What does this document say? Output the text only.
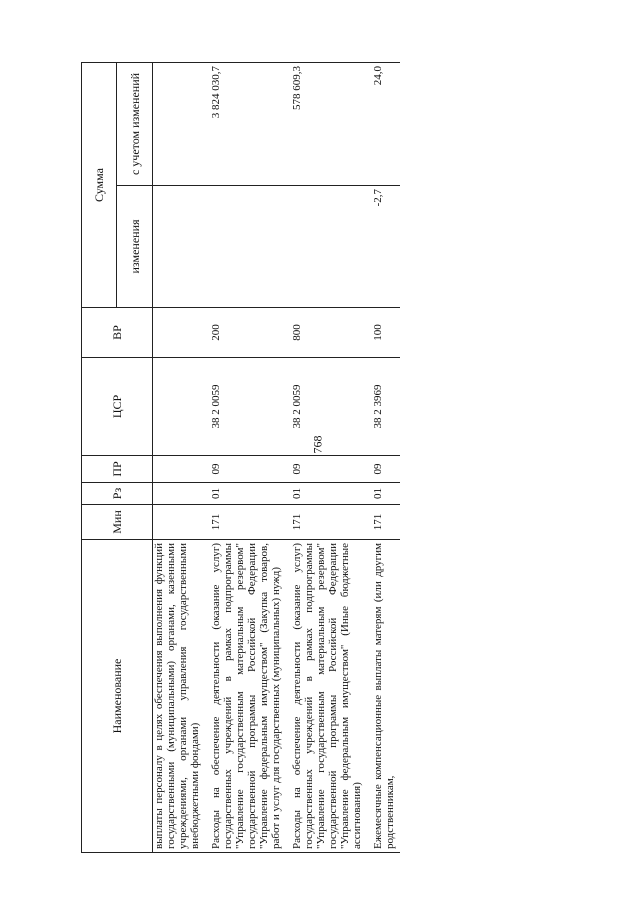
768
Наименование	Мин	Рз	ПР	ЦСР	ВР	Сумма	
						изменения	с учетом изменений
выплаты персоналу в целях обеспечения выполнения функций государственными (муниципальными) органами, казенными учреждениями, органами управления государственными внебюджетными фондами)							

Расходы на обеспечение деятельности (оказание услуг) государственных учреждений в рамках подпрограммы "Управление государственным материальным резервом" государственной программы Российской Федерации "Управление федеральным имуществом" (Закупка товаров, работ и услуг для государственных (муниципальных) нужд)	171	01	09	38 2 0059	200		3 824 030,7

Расходы на обеспечение деятельности (оказание услуг) государственных учреждений в рамках подпрограммы "Управление государственным материальным резервом" государственной программы Российской Федерации "Управление федеральным имуществом" (Иные бюджетные ассигнования)	171	01	09	38 2 0059	800		578 609,3

Ежемесячные компенсационные выплаты матерям (или другим родственникам,	171	01	09	38 2 3969	100	-2,7	24,0
